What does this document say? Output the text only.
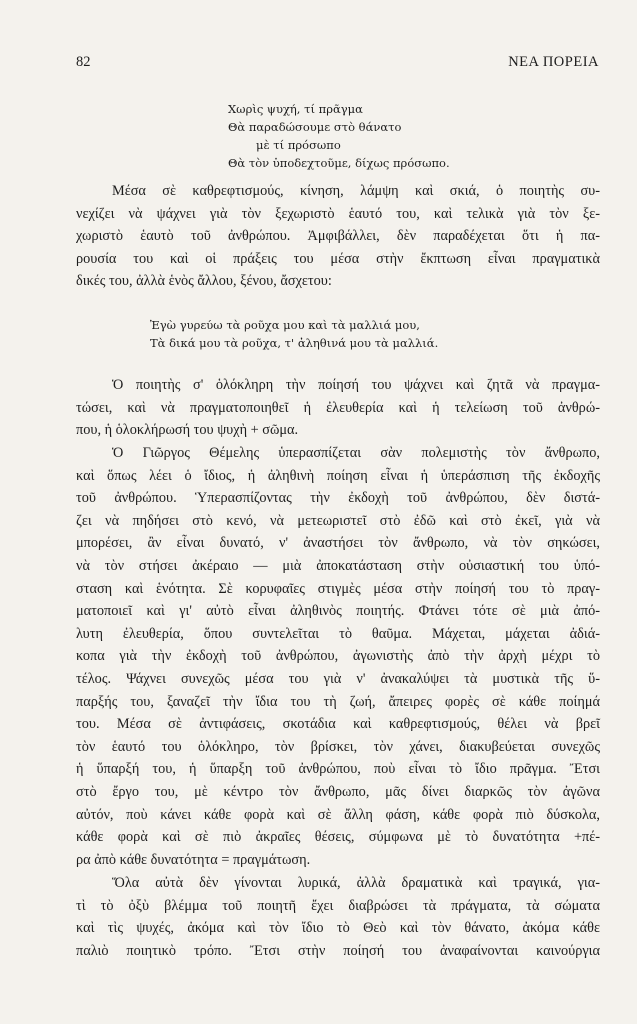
82	ΝΕΑ ΠΟΡΕΙΑ
Χωρὶς ψυχή, τί πρᾶγμα
Θὰ παραδώσουμε στὸ θάνατο
μὲ τί πρόσωπο
Θὰ τὸν ὑποδεχτοῦμε, δίχως πρόσωπο.

Μέσα σὲ καθρεφτισμούς, κίνηση, λάμψη καὶ σκιά, ὁ ποιητὴς συ-
νεχίζει νὰ ψάχνει γιὰ τὸν ξεχωριστὸ ἑαυτό του, καὶ τελικὰ γιὰ τὸν ξε-
χωριστὸ ἑαυτὸ τοῦ ἀνθρώπου. Ἀμφιβάλλει, δὲν παραδέχεται ὅτι ἡ πα-
ρουσία του καὶ οἱ πράξεις του μέσα στὴν ἔκπτωση εἶναι πραγματικὰ
δικές του, ἀλλὰ ἑνὸς ἄλλου, ξένου, ἄσχετου:

Ἐγὼ γυρεύω τὰ ροῦχα μου καὶ τὰ μαλλιά μου,
Τὰ δικά μου τὰ ροῦχα, τ' ἀληθινά μου τὰ μαλλιά.

Ὁ ποιητὴς σ' ὁλόκληρη τὴν ποίησή του ψάχνει καὶ ζητᾶ νὰ πραγμα-
τώσει, καὶ νὰ πραγματοποιηθεῖ ἡ ἐλευθερία καὶ ἡ τελείωση τοῦ ἀνθρώ-
που, ἡ ὁλοκλήρωσή του ψυχὴ + σῶμα.

Ὁ Γιῶργος Θέμελης ὑπερασπίζεται σὰν πολεμιστὴς τὸν ἄνθρωπο,
καὶ ὅπως λέει ὁ ἴδιος, ἡ ἀληθινὴ ποίηση εἶναι ἡ ὑπεράσπιση τῆς ἐκδοχῆς
τοῦ ἀνθρώπου. Ὑπερασπίζοντας τὴν ἐκδοχὴ τοῦ ἀνθρώπου, δὲν διστά-
ζει νὰ πηδήσει στὸ κενό, νὰ μετεωριστεῖ στὸ ἐδῶ καὶ στὸ ἐκεῖ, γιὰ νὰ
μπορέσει, ἂν εἶναι δυνατό, ν' ἀναστήσει τὸν ἄνθρωπο, νὰ τὸν σηκώσει,
νὰ τὸν στήσει ἀκέραιο — μιὰ ἀποκατάσταση στὴν οὐσιαστική του ὑπό-
σταση καὶ ἑνότητα. Σὲ κορυφαῖες στιγμὲς μέσα στὴν ποίησή του τὸ πραγ-
ματοποιεῖ καὶ γι' αὐτὸ εἶναι ἀληθινὸς ποιητής. Φτάνει τότε σὲ μιὰ ἀπό-
λυτη ἐλευθερία, ὅπου συντελεῖται τὸ θαῦμα. Μάχεται, μάχεται ἀδιά-
κοπα γιὰ τὴν ἐκδοχὴ τοῦ ἀνθρώπου, ἀγωνιστὴς ἀπὸ τὴν ἀρχὴ μέχρι τὸ
τέλος. Ψάχνει συνεχῶς μέσα του γιὰ ν' ἀνακαλύψει τὰ μυστικὰ τῆς ὕ-
παρξής του, ξαναζεῖ τὴν ἴδια του τὴ ζωή, ἄπειρες φορὲς σὲ κάθε ποίημά
του. Μέσα σὲ ἀντιφάσεις, σκοτάδια καὶ καθρεφτισμούς, θέλει νὰ βρεῖ
τὸν ἑαυτό του ὁλόκληρο, τὸν βρίσκει, τὸν χάνει, διακυβεύεται συνεχῶς
ἡ ὕπαρξή του, ἡ ὕπαρξη τοῦ ἀνθρώπου, ποὺ εἶναι τὸ ἴδιο πρᾶγμα. Ἔτσι
στὸ ἔργο του, μὲ κέντρο τὸν ἄνθρωπο, μᾶς δίνει διαρκῶς τὸν ἀγῶνα
αὐτόν, ποὺ κάνει κάθε φορὰ καὶ σὲ ἄλλη φάση, κάθε φορὰ πιὸ δύσκολα,
κάθε φορὰ καὶ σὲ πιὸ ἀκραῖες θέσεις, σύμφωνα μὲ τὸ δυνατότητα +πέ-
ρα ἀπὸ κάθε δυνατότητα = πραγμάτωση.

Ὅλα αὐτὰ δὲν γίνονται λυρικά, ἀλλὰ δραματικὰ καὶ τραγικά, για-
τὶ τὸ ὀξὺ βλέμμα τοῦ ποιητῆ ἔχει διαβρώσει τὰ πράγματα, τὰ σώματα
καὶ τὶς ψυχές, ἀκόμα καὶ τὸν ἴδιο τὸ Θεὸ καὶ τὸν θάνατο, ἀκόμα κάθε
παλιὸ ποιητικὸ τρόπο. Ἔτσι στὴν ποίησή του ἀναφαίνονται καινούργια
